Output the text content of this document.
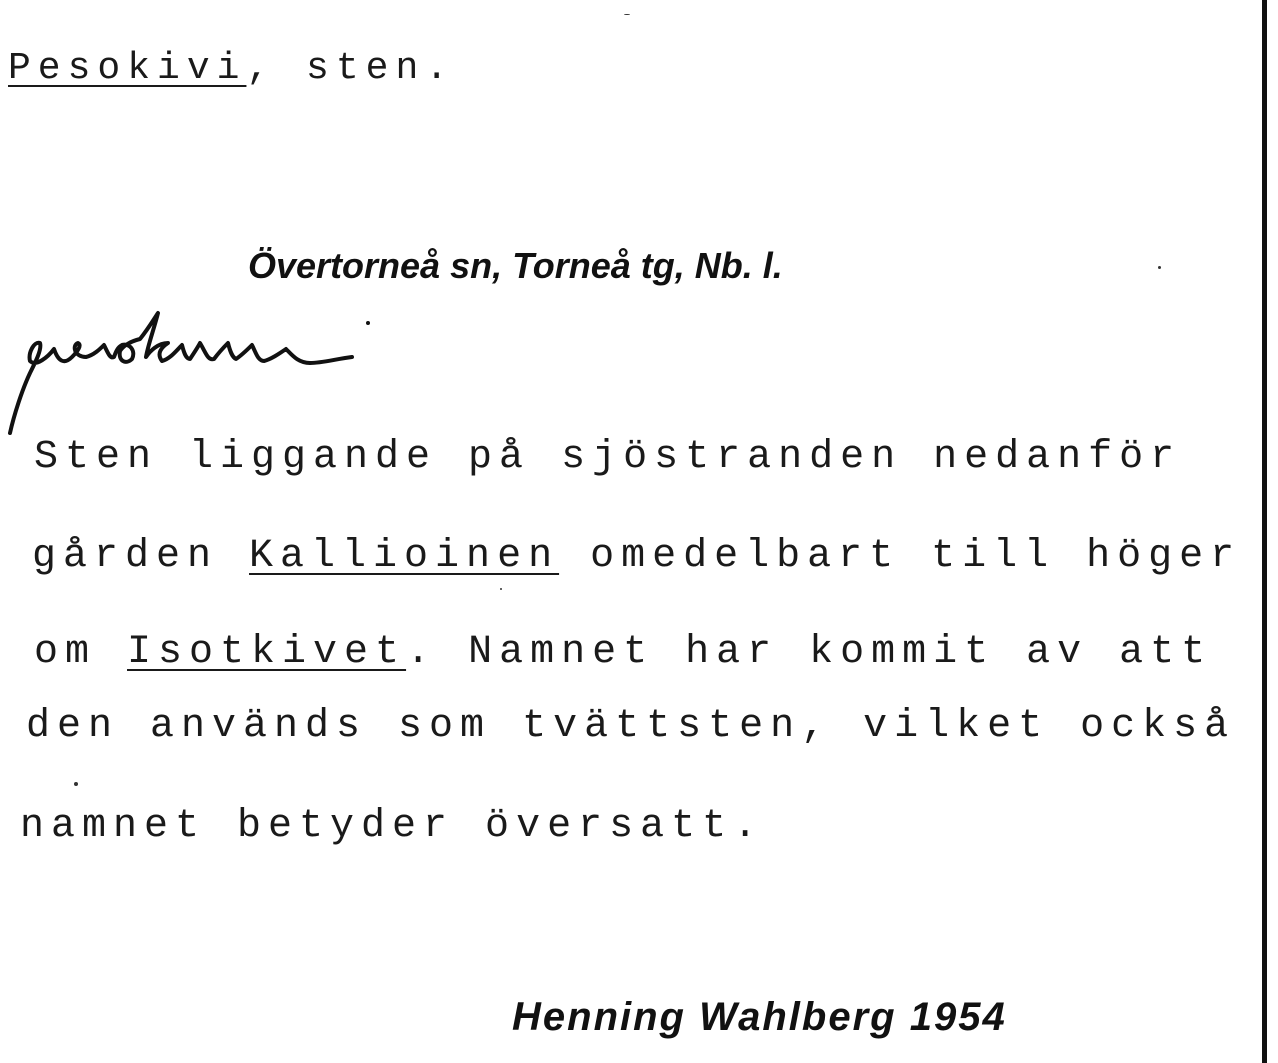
Pesokivi, sten.
Övertorneå sn, Torneå tg, Nb. l.
Sten liggande på sjöstranden nedanför
gården Kallioinen omedelbart till höger
om Isotkivet. Namnet har kommit av att
den används som tvättsten, vilket också
namnet betyder översatt.
Henning Wahlberg 1954
